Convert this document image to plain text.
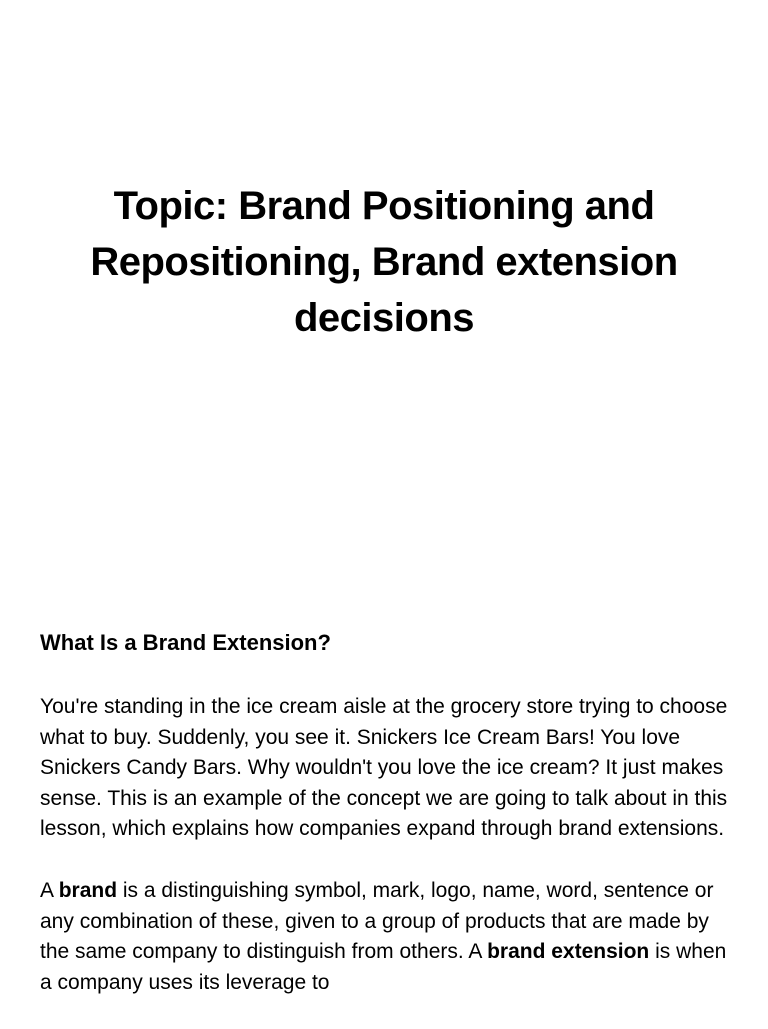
Topic: Brand Positioning and Repositioning, Brand extension decisions
What Is a Brand Extension?

You're standing in the ice cream aisle at the grocery store trying to choose what to buy. Suddenly, you see it. Snickers Ice Cream Bars! You love Snickers Candy Bars. Why wouldn't you love the ice cream? It just makes sense. This is an example of the concept we are going to talk about in this lesson, which explains how companies expand through brand extensions.

A brand is a distinguishing symbol, mark, logo, name, word, sentence or any combination of these, given to a group of products that are made by the same company to distinguish from others. A brand extension is when a company uses its leverage to
